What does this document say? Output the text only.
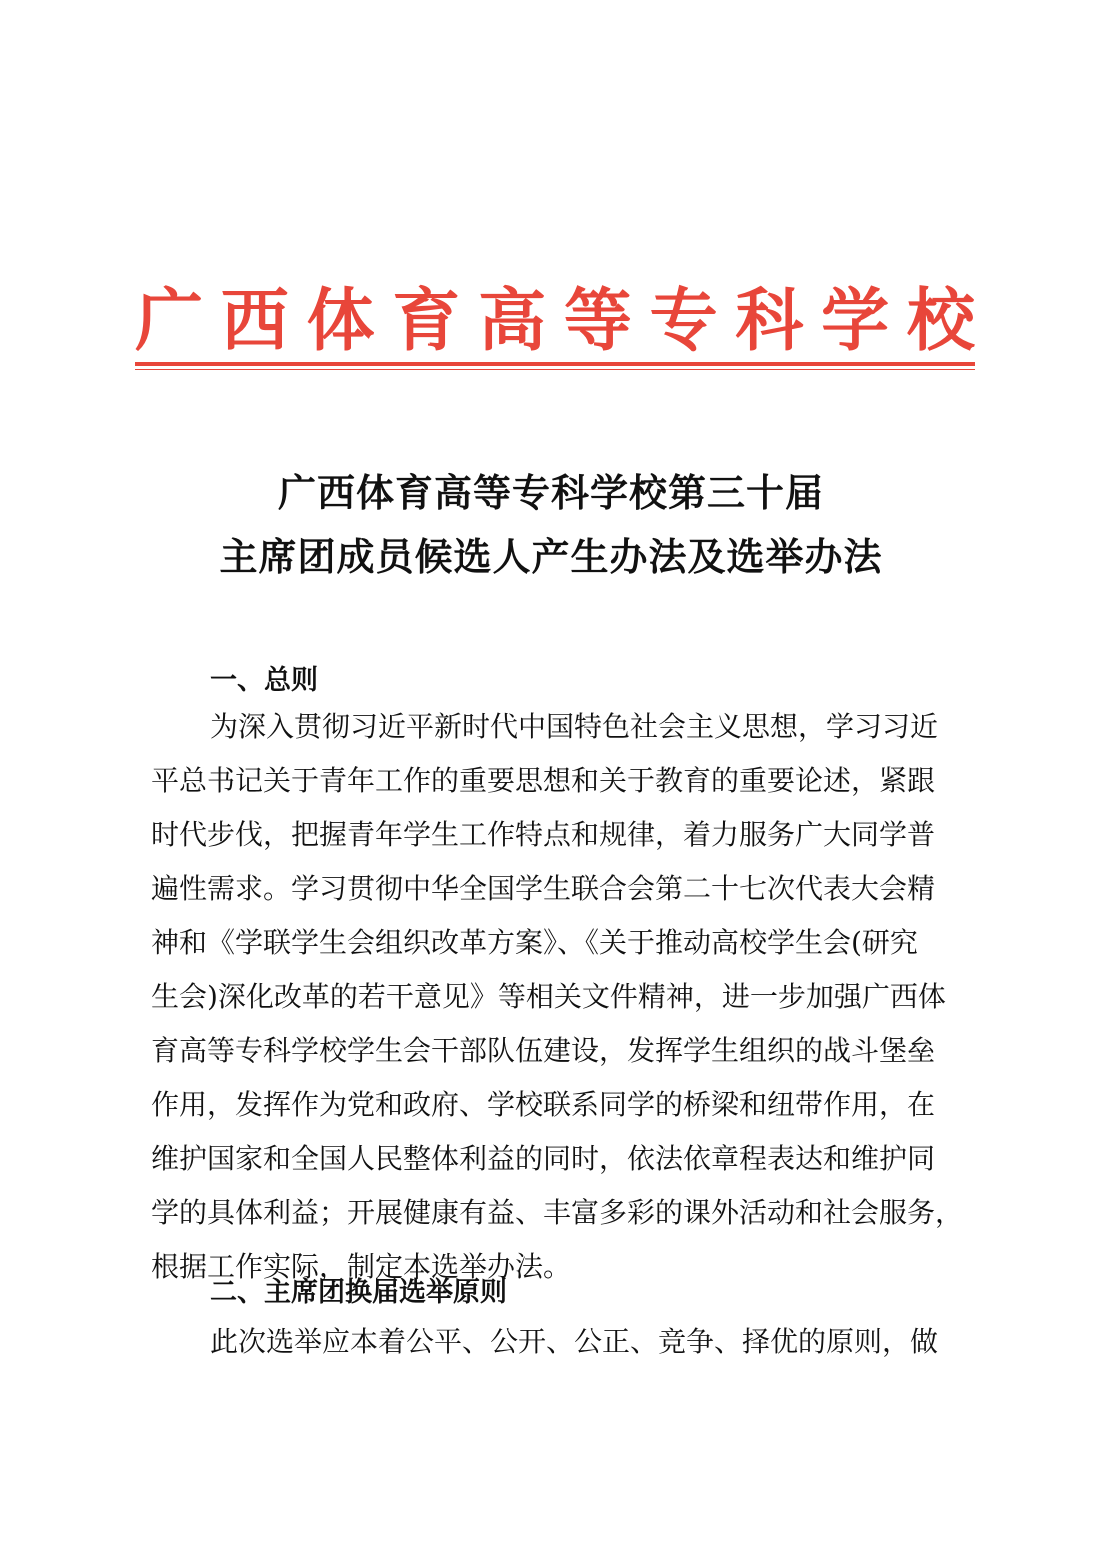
广 西 体 育 高 等 专 科 学 校
广西体育高等专科学校第三十届
主席团成员候选人产生办法及选举办法
一、总则
为深入贯彻习近平新时代中国特色社会主义思想，学习习近
平总书记关于青年工作的重要思想和关于教育的重要论述，紧跟
时代步伐，把握青年学生工作特点和规律，着力服务广大同学普
遍性需求。学习贯彻中华全国学生联合会第二十七次代表大会精
神和《学联学生会组织改革方案》、《关于推动高校学生会(研究
生会)深化改革的若干意见》等相关文件精神，进一步加强广西体
育高等专科学校学生会干部队伍建设，发挥学生组织的战斗堡垒
作用，发挥作为党和政府、学校联系同学的桥梁和纽带作用，在
维护国家和全国人民整体利益的同时，依法依章程表达和维护同
学的具体利益；开展健康有益、丰富多彩的课外活动和社会服务，
根据工作实际，制定本选举办法。
二、主席团换届选举原则
此次选举应本着公平、公开、公正、竞争、择优的原则，做
